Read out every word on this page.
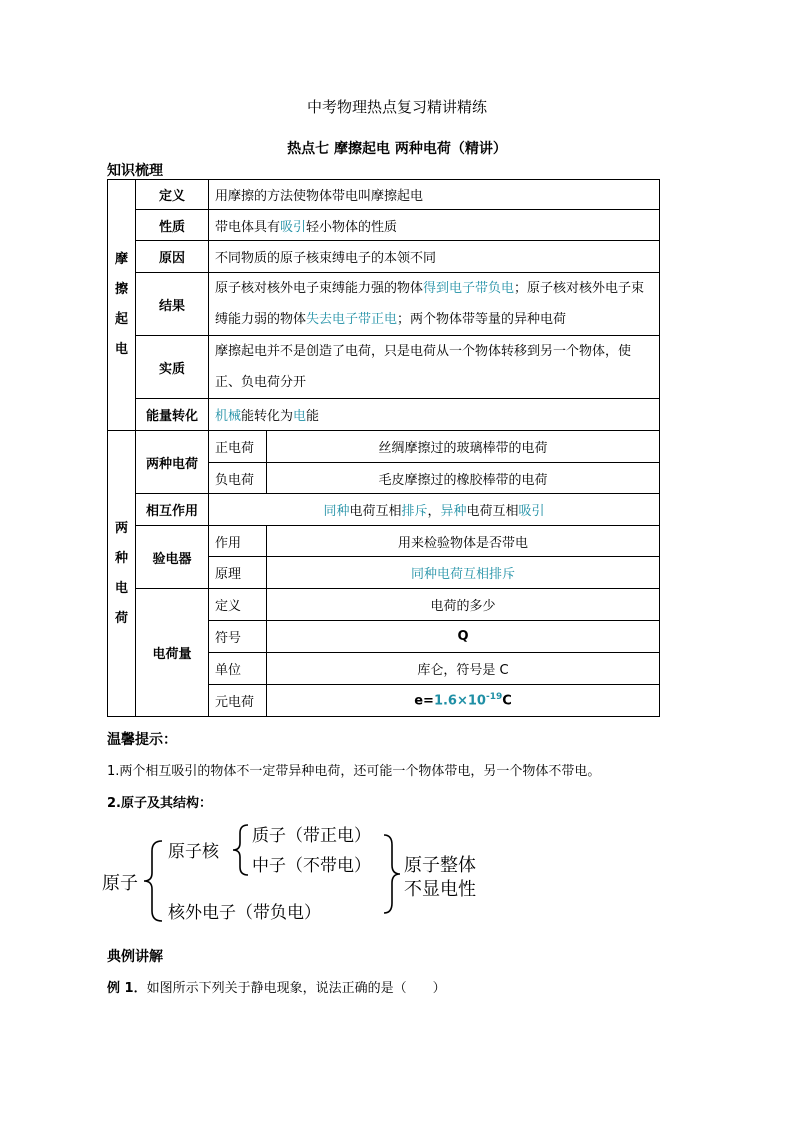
中考物理热点复习精讲精练
热点七 摩擦起电 两种电荷（精讲）
知识梳理
摩
擦
起
电	定义	用摩擦的方法使物体带电叫摩擦起电	
	性质	带电体具有吸引轻小物体的性质	
	原因	不同物质的原子核束缚电子的本领不同	
	结果	原子核对核外电子束缚能力强的物体得到电子带负电；原子核对核外电子束缚能力弱的物体失去电子带正电；两个物体带等量的异种电荷	
	实质	摩擦起电并不是创造了电荷，只是电荷从一个物体转移到另一个物体，使正、负电荷分开	
	能量转化	机械能转化为电能	

两
种
电
荷	两种电荷	正电荷	丝绸摩擦过的玻璃棒带的电荷
		负电荷	毛皮摩擦过的橡胶棒带的电荷
	相互作用	同种电荷互相排斥，异种电荷互相吸引	
	验电器	作用	用来检验物体是否带电
		原理	同种电荷互相排斥
	电荷量	定义	电荷的多少
		符号	Q
		单位	库仑，符号是 C
		元电荷	$e=1.6\times 10^{-19}C$
温馨提示：
1.两个相互吸引的物体不一定带异种电荷，还可能一个物体带电，另一个物体不带电。
2.原子及其结构：
原子
原子核
质子（带正电）
中子（不带电）
核外电子（带负电）
原子整体
不显电性
典例讲解
例 1．如图所示下列关于静电现象，说法正确的是（　　）
